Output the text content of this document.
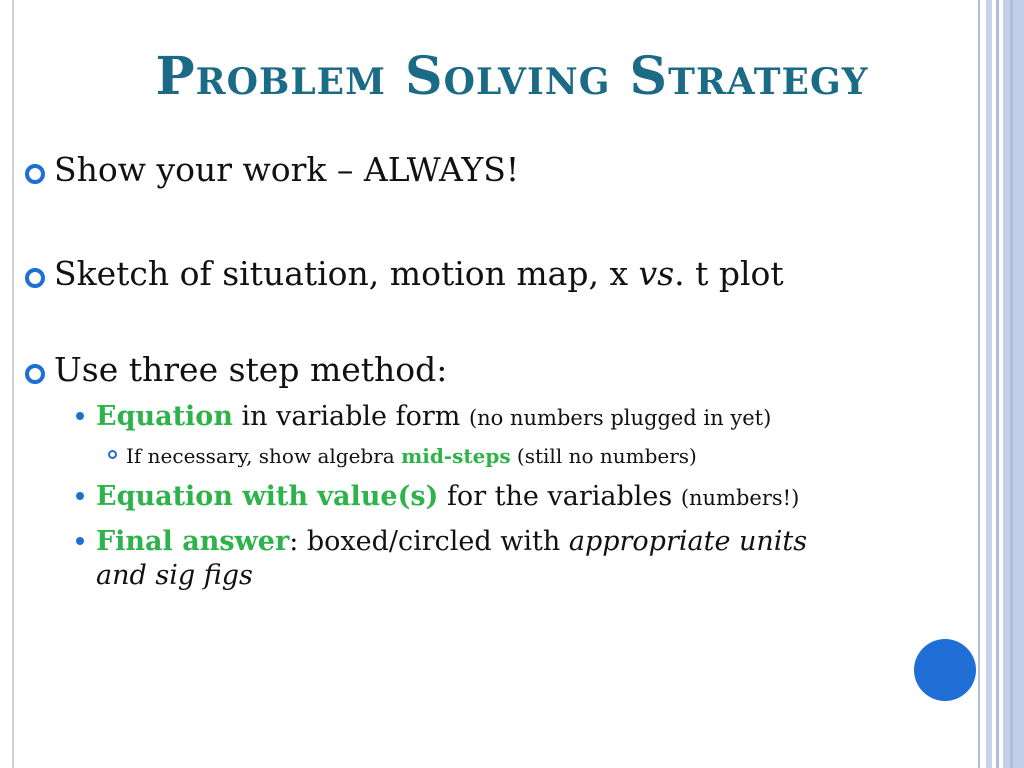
Problem Solving Strategy
Show your work – ALWAYS!
Sketch of situation, motion map, x vs. t plot
Use three step method:
Equation in variable form (no numbers plugged in yet)
If necessary, show algebra mid-steps (still no numbers)
Equation with value(s) for the variables (numbers!)
Final answer: boxed/circled with appropriate units
and sig figs
